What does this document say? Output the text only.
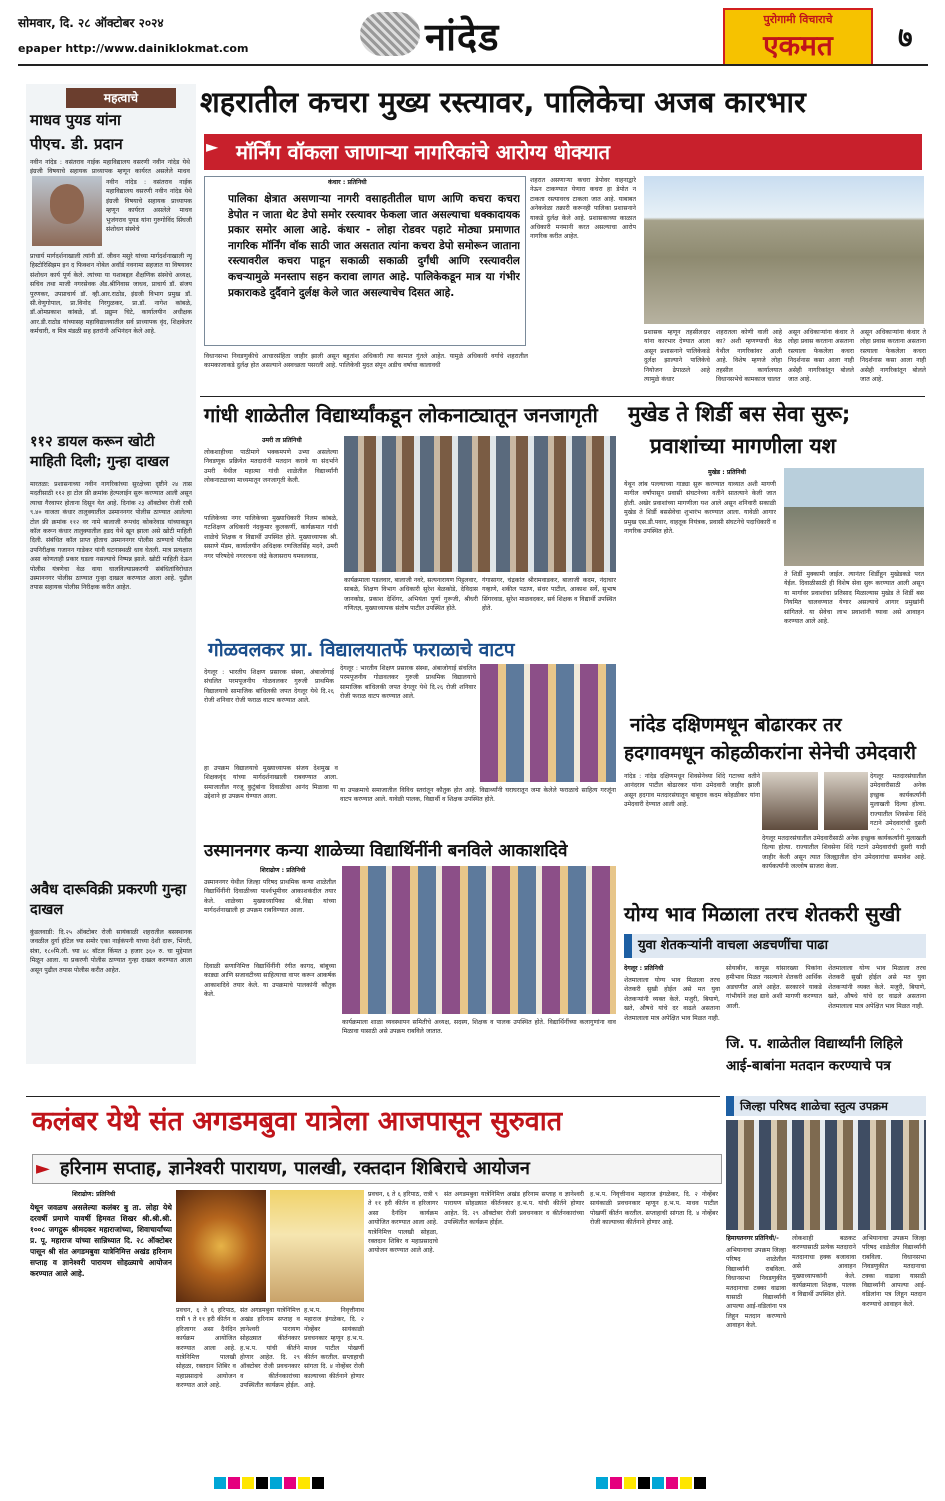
सोमवार, दि. २८ ऑक्टोबर २०२४
epaper http://www.dainiklokmat.com	नांदेड	पुरोगामी विचाराचे
एकमत	७
महत्वाचे
माधव पुयड यांना
पीएच. डी. प्रदान
नवीन नांदेड : वसंतराव नाईक महाविद्यालय वसरणी नवीन नांदेड येथे इंग्रजी विषयाचे सहायक प्राध्यापक म्हणून कार्यरत असलेले माधव
नवीन नांदेड : वसंतराव नाईक महाविद्यालय वसरणी नवीन नांदेड येथे इंग्रजी विषयाचे सहायक प्राध्यापक म्हणून कार्यरत असलेले माधव भुजंगराव पुयड यांना गुरुगोविंद सिंघजी संशोधन संस्थेचे
प्राचार्य मार्गदर्शनाखाली त्यांनी डॉ. जीवन मसुरे यांच्या मार्गदर्शनाखाली न्यू हिस्टोरिसिझम इन द फिक्शन नोबेल अवॉर्ड नवनामा सहजात या विषयावर संशोधन कार्य पूर्ण केले. त्यांच्या या यशाबद्दल शैक्षणिक संस्थेचे अध्यक्ष, सचिव तथा माजी नगरसेवक ॲड.श्रीनिवास जाधव, प्राचार्य डॉ. संजय पुरणकर, उपप्राचार्य डॉ. व्ही.आर.राठोड, इंग्रजी विभाग प्रमुख डॉ. सी.वेणुगोपाल, प्रा.विनोद निरगुळकर, प्रा.डॉ. नागेश कांबळे, डॉ.ओमप्रकाश कांबळे, डॉ. प्रद्युम्न चिटे, कार्यालयीन अधीक्षक आर.डी.राठोड यांच्यासह महाविद्यालयातील सर्व प्राध्यापक वृंद, शिक्षकेतर कर्मचारी, व मित्र मंडळी सह इतरांनी अभिनंदन केले आहे.
११२ डायल करून खोटी माहिती दिली; गुन्हा दाखल
मारतळा: प्रशासनाच्या नवीन नागरिकांच्या सुरक्षेच्या दृष्टीने २४ तास मदतीसाठी ११२ हा टोल फ्री क्रमांक हेल्पलाईन सुरू करण्यात आली असून त्याचा गैरवापर होताना दिसून येत आहे. दिनांक २३ ऑक्टोबर रोजी रात्री ९.४० वाजता कंधार तालुक्यातील उस्माननगर पोलीस ठाण्यात आलेल्या टोल फ्री क्रमांक ११२ वर नामे बालाजी रूपचंद कोकरेवाड यांच्याकडून कॉल करून कंधार तालुक्यातील हडद येथे खून झाला असे खोटी माहिती दिली. संबंधित कॉल प्राप्त होताच उस्माननगर पोलीस ठाण्याचे पोलीस उपनिरीक्षक गजानन गाडेकर यांनी घटनास्थळी धाव घेतली. मात्र प्रत्यक्षात असा कोणताही प्रकार घडला नसल्याचे निष्पन्न झाले. खोटी माहिती देऊन पोलीस यंत्रणेचा वेळ वाया घालविल्याप्रकरणी संबंधितांविरोधात उस्माननगर पोलीस ठाण्यात गुन्हा दाखल करण्यात आला आहे. पुढील तपास सहायक पोलीस निरीक्षक करीत आहेत.
अवैध दारूविक्री प्रकरणी गुन्हा दाखल
कुंडलवाडी: दि.२५ ऑक्टोबर रोजी सायंकाळी शहरातील बसस्थानक जवळील दुर्गा हॉटेल च्या समोर एका नाईकंपनी याच्या देशी दारू, भिंगरी, संत्रा, १८०मि.ली. च्या ४८ बॉटल किंमत ३ हजार ३६० रु. चा मुद्देमाल मिळून आला. या प्रकरणी पोलीस ठाण्यात गुन्हा दाखल करण्यात आला असून पुढील तपास पोलीस करीत आहेत.
शहरातील कचरा मुख्य रस्त्यावर, पालिकेचा अजब कारभार
मॉर्निंग वॉकला जाणाऱ्या नागरिकांचे आरोग्य धोक्यात
►
कंधार : प्रतिनिधी
पालिका क्षेत्रात असणाऱ्या नागरी वसाहतीतील घाण आणि कचरा कचरा डेपोत न जाता थेट डेपो समोर रस्त्यावर फेकला जात असल्याचा धक्कादायक प्रकार समोर आला आहे. कंधार - लोहा रोडवर पहाटे मोठ्या प्रमाणात नागरिक मॉर्निंग वॉक साठी जात असतात त्यांना कचरा डेपो समोरून जाताना रस्त्यावरील कचरा पाहून सकाळी सकाळी दुर्गंधी आणि रस्त्यावरील कचऱ्यामुळे मनस्ताप सहन करावा लागत आहे. पालिकेकडून मात्र या गंभीर प्रकाराकडे दुर्दैवाने दुर्लक्ष केले जात असल्याचेच दिसत आहे.
शहरात असणाऱ्या कचरा डेपोवर वाहनाद्वारे नेऊन टाकण्यात येणारा कचरा हा डेपोत न टाकता रस्त्यावरच टाकला जात आहे. याबाबत अनेकवेळा तक्रारी करूनही पालिका प्रशासनाने याकडे दुर्लक्ष केले आहे. प्रशासकाच्या काळात अधिकारी मनमानी करत असल्याचा आरोप नागरिक करीत आहेत.
प्रशासक म्हणून तहसीलदार यांना कारभार देण्यात आला असून प्रशासनाने पालिकेकडे दुर्लक्ष झाल्याने पालिकेचे नियोजन ढेपाळले आहे त्यामुळे कंधार
शहरातला कोणी वाली आहे का? अशी म्हणण्याची वेळ येथील नागरिकांवर आली आहे. विशेष म्हणजे लोहा तहसील कार्यालयात विधानसभेचे कामकाज चालत
असून अधिकाऱ्यांना कंधार ते लोहा प्रवास करताना असताना रस्त्याला फेकलेला कचरा निदर्शनास कसा आला नाही असेही नागरिकांतून बोलले जात आहे.
असून अधिकाऱ्यांना कंधार ते लोहा प्रवास करताना असताना रस्त्याला फेकलेला कचरा निदर्शनास कसा आला नाही असेही नागरिकांतून बोलले जात आहे.
विधानसभा निवडणुकीचे आचारसंहिता जाहीर झाली असून बहुतांश अधिकारी त्या कामात गुंतले आहेत. यामुळे अधिकारी वर्गाचे शहरातील कामकाजाकडे दुर्लक्ष होत असल्याने अस्वच्छता पसरली आहे. पालिकेची मुदत संपून अडीच वर्षाचा कालावधी
गांधी शाळेतील विद्यार्थ्यांकडून लोकनाट्यातून जनजागृती
उमरी ता प्रतिनिधी
लोकशाहीच्या पाठीमागे भक्कमपणे उभ्या असलेल्या निवडणूक प्रक्रियेत मतदारांनी मतदान करावे या संदर्भाने उमरी येथील महात्मा गांधी शाळेतील विद्यार्थ्यांनी लोकनाट्याच्या माध्यमातून जनजागृती केली.
पालिकेच्या नगर पालिकेच्या मुख्याधिकारी निलम कांबळे, गटशिक्षण अधिकारी नंदकुमार कुलकर्णी, कार्यक्रमात गांधी शाळेचे शिक्षक व विद्यार्थी उपस्थित होते. मुख्याध्यापक श्री. ससाणे मॅडम, कार्यालयीन अधिक्षक रणजितसिंह मदने, उमरी नगर परिषदेचे नगररचना जंद्रे केलासराय यमवलवाड,
कार्यक्रमाला पडलवार, बालाजी नवरे, सत्यनारायण पिट्टलवार, साबळे, शिक्षण विभाग अधिकारी सुरेश बेळकोडे, देविदास जानकोड, प्रकाश देशिंगर, अभियंता पूर्णा गुरूजी, श्रीधरी गणितज्ञ, मुख्याध्यापक संतोष पाटील उपस्थित होते.
गंगासागर, चंद्रकांत श्रीरामवाडकर, बालाजी कदम, नंदाचार गव्हाणे, शकील पठाण, संधर पाटील, आकाश सर्वे, सुभाष सिंगरवाड, सुरेश माळवदकर, सर्व शिक्षक व विद्यार्थी उपस्थित होते.
मुखेड ते शिर्डी बस सेवा सुरू;
प्रवाशांच्या मागणीला यश
मुखेड : प्रतिनिधी
येथून लांब पल्ल्याच्या गाड्या सुरू करण्यात याव्यात अशी मागणी मागील वर्षांपासून प्रवासी संघटनेच्या वतीने सातत्याने केली जात होती. अखेर प्रवाशांच्या मागणीला यश आले असून शनिवारी सकाळी मुखेड ते शिर्डी बससेवेचा शुभारंभ करण्यात आला. यावेळी आगार प्रमुख एस.डी.पवार, वाहतूक नियंत्रक, प्रवासी संघटनेचे पदाधिकारी व नागरिक उपस्थित होते.
ते शिर्डी मुक्कामी जाईल. त्यानंतर शिर्डीहून मुखेडकडे परत येईल. दिवाळीसाठी ही विशेष सेवा सुरू करण्यात आली असून या मार्गावर प्रवाशांचा प्रतिसाद मिळाल्यास मुखेड ते शिर्डी बस नियमित चालवण्यात येणार असल्याचे आगार प्रमुखांनी सांगितले. या सेवेचा लाभ प्रवाशांनी घ्यावा असे आवाहन करण्यात आले आहे.
गोळवलकर प्रा. विद्यालयातर्फे फराळाचे वाटप
देगलूर : भारतीय शिक्षण प्रसारक संस्था, अंबाजोगाई संचलित परमपूजनीय गोळवलकर गुरुजी प्राथमिक विद्यालयाचे सामाजिक बांधिलकी जपत देगलूर येथे दि.२६ रोजी शनिवार रोजी फराळ वाटप करण्यात आले.
देगलूर : भारतीय शिक्षण प्रसारक संस्था, अंबाजोगाई संचलित परमपूजनीय गोळवलकर गुरुजी प्राथमिक विद्यालयाचे सामाजिक बांधिलकी जपत देगलूर येथे दि.२६ रोजी शनिवार रोजी फराळ वाटप करण्यात आले.
हा उपक्रम विद्यालयाचे मुख्याध्यापक संजय देशमुख व शिक्षकवृंद यांच्या मार्गदर्शनाखाली राबवण्यात आला. समाजातील गरजू कुटुंबांना दिवाळीचा आनंद मिळावा या उद्देशाने हा उपक्रम घेण्यात आला.
या उपक्रमाचे समाजातील विविध स्तरांतून कौतुक होत आहे. विद्यार्थ्यांनी घराघरातून जमा केलेले फराळाचे साहित्य गरजूंना वाटप करण्यात आले. यावेळी पालक, विद्यार्थी व शिक्षक उपस्थित होते.
नांदेड दक्षिणमधून बोढारकर तर
हदगावमधून कोहळीकरांना सेनेची उमेदवारी
नांदेड : नांदेड दक्षिणमधून शिवसेनेच्या शिंदे गटाच्या वतीने आनंदराव पाटील बोढारकर यांना उमेदवारी जाहीर झाली असून हदगाव मतदारसंघातून बाबूराव कदम कोहळीकर यांना उमेदवारी देण्यात आली आहे.
देगलूर मतदारसंघातील उमेदवारीसाठी अनेक इच्छुक कार्यकर्त्यांनी मुलाखती दिल्या होत्या. राज्यातील शिवसेना शिंदे गटाने उमेदवारांची दुसरी
देगलूर मतदारसंघातील उमेदवारीसाठी अनेक इच्छुक कार्यकर्त्यांनी मुलाखती दिल्या होत्या. राज्यातील शिवसेना शिंदे गटाने उमेदवारांची दुसरी यादी जाहीर केली असून त्यात जिल्ह्यातील दोन उमेदवारांचा समावेश आहे. कार्यकर्त्यांनी जल्लोष साजरा केला.
उस्माननगर कन्या शाळेच्या विद्यार्थिनींनी बनविले आकाशदिवे
शिराढोण : प्रतिनिधी
उस्माननगर येथील जिल्हा परिषद प्राथमिक कन्या शाळेतील विद्यार्थिनींनी दिवाळीच्या पार्श्वभूमीवर आकाशकंदील तयार केले. शाळेच्या मुख्याध्यापिका श्री.विद्या यांच्या मार्गदर्शनाखाली हा उपक्रम राबविण्यात आला.
दिवाळी सणानिमित्त विद्यार्थिनींनी रंगीत कागद, बांबूच्या काड्या आणि सजावटीच्या साहित्याचा वापर करून आकर्षक आकाशदिवे तयार केले. या उपक्रमाचे पालकांनी कौतुक केले.
कार्यक्रमाला शाळा व्यवस्थापन समितीचे अध्यक्ष, सदस्य, शिक्षक व पालक उपस्थित होते. विद्यार्थिनींच्या कलागुणांना वाव मिळावा यासाठी असे उपक्रम राबविले जातात.
योग्य भाव मिळाला तरच शेतकरी सुखी
युवा शेतकऱ्यांनी वाचला अडचणींचा पाढा
देगलूर : प्रतिनिधी
शेतमालाला योग्य भाव मिळाला तरच शेतकरी सुखी होईल असे मत युवा शेतकऱ्यांनी व्यक्त केले. मजुरी, बियाणे, खते, औषधे यांचे दर वाढले असताना शेतमालाला मात्र अपेक्षित भाव मिळत नाही.
सोयाबीन, कापूस यांसारख्या पिकांना हमीभाव मिळत नसल्याने शेतकरी आर्थिक अडचणीत आले आहेत. सरकारने याकडे गांभीर्याने लक्ष द्यावे अशी मागणी करण्यात आली.
शेतमालाला योग्य भाव मिळाला तरच शेतकरी सुखी होईल असे मत युवा शेतकऱ्यांनी व्यक्त केले. मजुरी, बियाणे, खते, औषधे यांचे दर वाढले असताना शेतमालाला मात्र अपेक्षित भाव मिळत नाही.
जि. प. शाळेतील विद्यार्थ्यांनी लिहिले
आई-बाबांना मतदान करण्याचे पत्र
जिल्हा परिषद शाळेचा स्तुत्य उपक्रम
हिमायतनगर प्रतिनिधी/-
अभियानाचा उपक्रम जिल्हा परिषद शाळेतील विद्यार्थ्यांनी राबविला. विधानसभा निवडणुकीत मतदानाचा टक्का वाढावा यासाठी विद्यार्थ्यांनी आपल्या आई-वडिलांना पत्र लिहून मतदान करण्याचे आवाहन केले.
लोकशाही बळकट करण्यासाठी प्रत्येक मतदाराने मतदानाचा हक्क बजावावा असे आवाहन मुख्याध्यापकांनी केले. कार्यक्रमाला शिक्षक, पालक व विद्यार्थी उपस्थित होते.
अभियानाचा उपक्रम जिल्हा परिषद शाळेतील विद्यार्थ्यांनी राबविला. विधानसभा निवडणुकीत मतदानाचा टक्का वाढावा यासाठी विद्यार्थ्यांनी आपल्या आई-वडिलांना पत्र लिहून मतदान करण्याचे आवाहन केले.
कलंबर येथे संत अगडमबुवा यात्रेला आजपासून सुरुवात
► हरिनाम सप्ताह, ज्ञानेश्वरी पारायण, पालखी, रक्तदान शिबिराचे आयोजन
शिराढोण: प्रतिनिधी
येथून जवळच असलेल्या कलंबर बु ता. लोहा येथे दरवर्षी प्रमाणे यावर्षी हिमवत शिखर श्री.श्री.श्री. १००८ जगद्गुरू श्रीमदकर महाराजांच्या, शिवाचार्यांच्या प्र. पू. महाराज यांच्या सान्निध्यात दि. २८ ऑक्टोबर पासून श्री संत अगडमबुवा यात्रेनिमित्त अखंड हरिनाम सप्ताह व ज्ञानेश्वरी पारायण सोहळ्याचे आयोजन करण्यात आले आहे.
प्रवचन, ६ ते ६ हरिपाठ, रात्री ९ ते ११ हरी कीर्तन व हरिजागर असा दैनंदिन कार्यक्रम आयोजित करण्यात आला आहे. यात्रेनिमित्त पालखी सोहळा, रक्तदान शिबिर व महाप्रसादाचे आयोजन करण्यात आले आहे.
संत अगडमबुवा यात्रेनिमित्त अखंड हरिनाम सप्ताह व ज्ञानेश्वरी पारायण सोहळ्यात कीर्तनकार ह.भ.प. यांची कीर्तने होणार आहेत. दि. २९ ऑक्टोबर रोजी प्रवचनकार व कीर्तनकारांच्या उपस्थितीत कार्यक्रम होईल.
ह.भ.प. निवृत्तीनाथ महाराज इंगळेकर, दि. २ नोव्हेंबर सायंकाळी प्रवचनकार म्हणून ह.भ.प. माधव पाटील पोखर्णी कीर्तन करतील. सप्ताहाची सांगता दि. ४ नोव्हेंबर रोजी काल्याच्या कीर्तनाने होणार आहे.
प्रवचन, ६ ते ६ हरिपाठ, रात्री ९ ते ११ हरी कीर्तन व हरिजागर असा दैनंदिन कार्यक्रम आयोजित करण्यात आला आहे. यात्रेनिमित्त पालखी सोहळा, रक्तदान शिबिर व महाप्रसादाचे आयोजन करण्यात आले आहे.
संत अगडमबुवा यात्रेनिमित्त अखंड हरिनाम सप्ताह व ज्ञानेश्वरी पारायण सोहळ्यात कीर्तनकार ह.भ.प. यांची कीर्तने होणार आहेत. दि. २९ ऑक्टोबर रोजी प्रवचनकार व कीर्तनकारांच्या उपस्थितीत कार्यक्रम होईल.
ह.भ.प. निवृत्तीनाथ महाराज इंगळेकर, दि. २ नोव्हेंबर सायंकाळी प्रवचनकार म्हणून ह.भ.प. माधव पाटील पोखर्णी कीर्तन करतील. सप्ताहाची सांगता दि. ४ नोव्हेंबर रोजी काल्याच्या कीर्तनाने होणार आहे.
